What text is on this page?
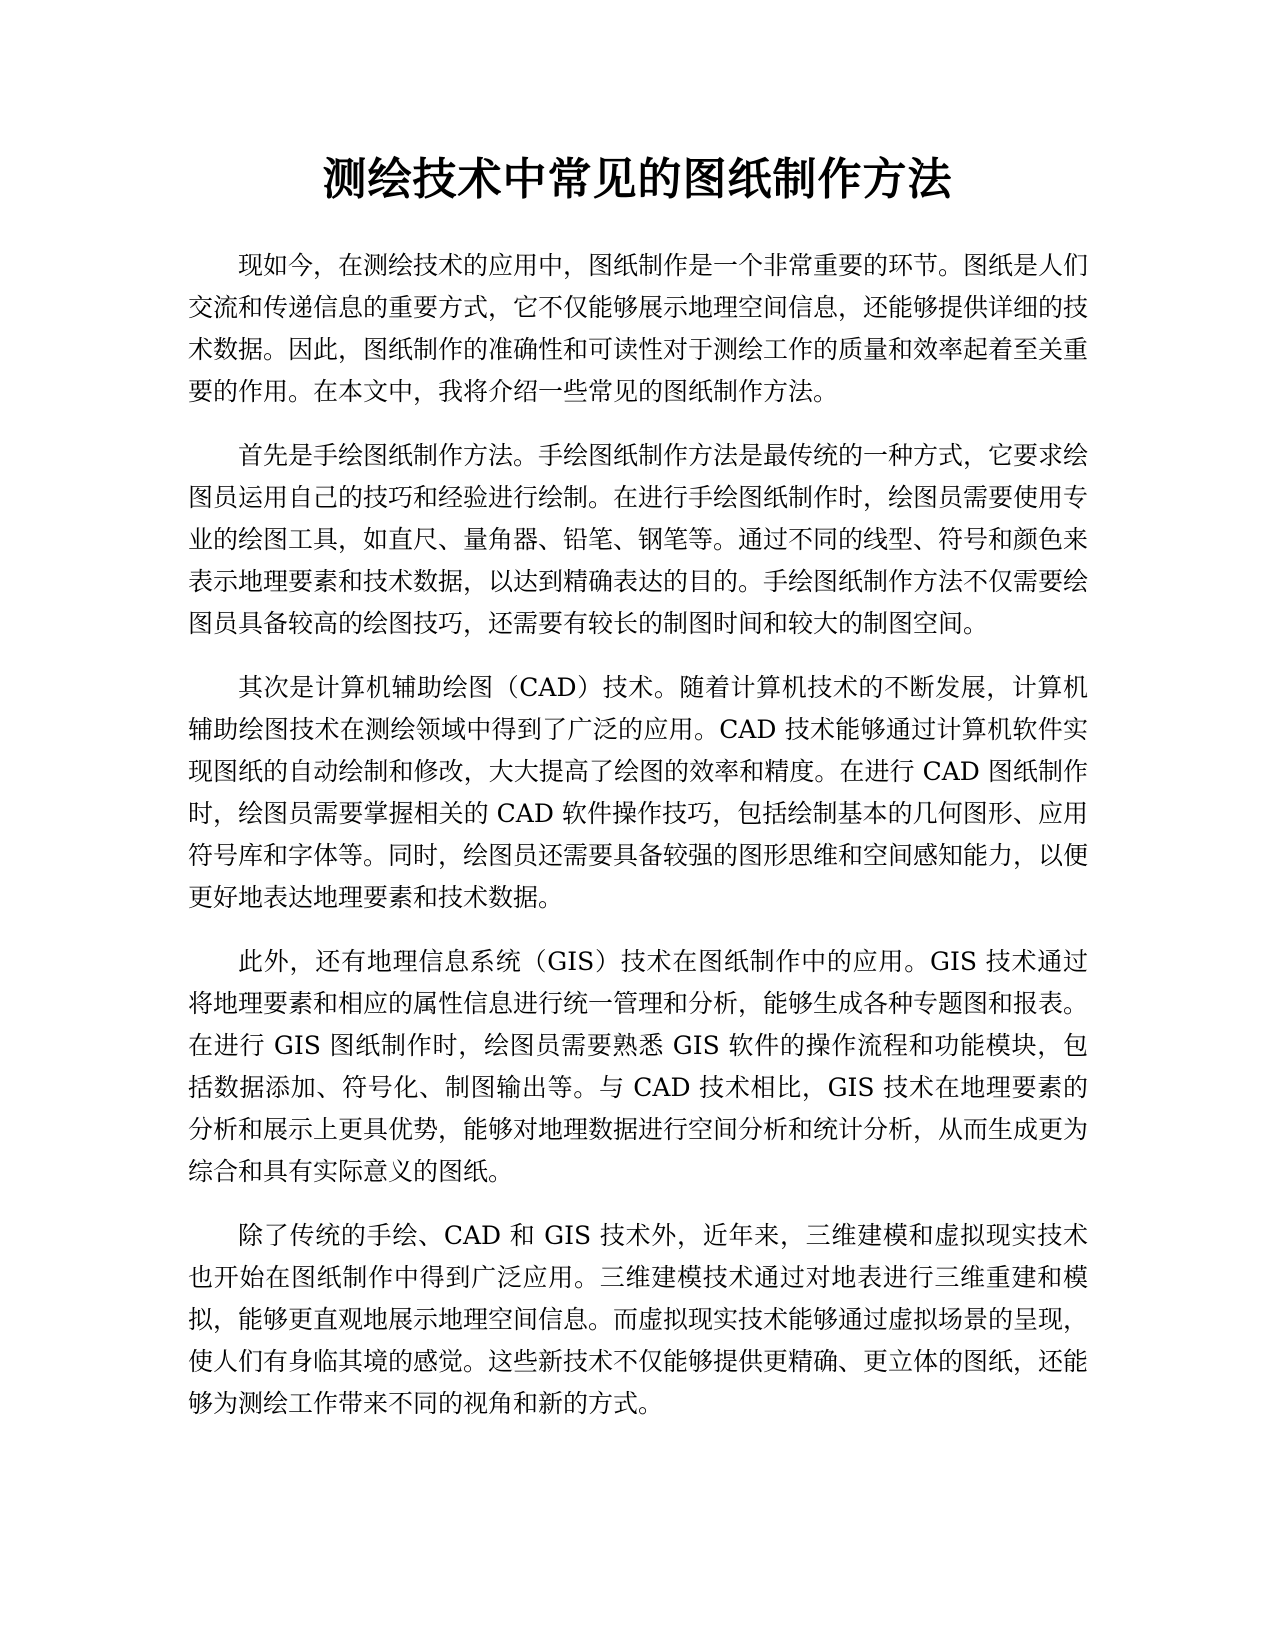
测绘技术中常见的图纸制作方法

现如今，在测绘技术的应用中，图纸制作是一个非常重要的环节。图纸是人们交流和传递信息的重要方式，它不仅能够展示地理空间信息，还能够提供详细的技术数据。因此，图纸制作的准确性和可读性对于测绘工作的质量和效率起着至关重要的作用。在本文中，我将介绍一些常见的图纸制作方法。

首先是手绘图纸制作方法。手绘图纸制作方法是最传统的一种方式，它要求绘图员运用自己的技巧和经验进行绘制。在进行手绘图纸制作时，绘图员需要使用专业的绘图工具，如直尺、量角器、铅笔、钢笔等。通过不同的线型、符号和颜色来表示地理要素和技术数据，以达到精确表达的目的。手绘图纸制作方法不仅需要绘图员具备较高的绘图技巧，还需要有较长的制图时间和较大的制图空间。

其次是计算机辅助绘图（CAD）技术。随着计算机技术的不断发展，计算机辅助绘图技术在测绘领域中得到了广泛的应用。CAD 技术能够通过计算机软件实现图纸的自动绘制和修改，大大提高了绘图的效率和精度。在进行 CAD 图纸制作时，绘图员需要掌握相关的 CAD 软件操作技巧，包括绘制基本的几何图形、应用符号库和字体等。同时，绘图员还需要具备较强的图形思维和空间感知能力，以便更好地表达地理要素和技术数据。

此外，还有地理信息系统（GIS）技术在图纸制作中的应用。GIS 技术通过将地理要素和相应的属性信息进行统一管理和分析，能够生成各种专题图和报表。在进行 GIS 图纸制作时，绘图员需要熟悉 GIS 软件的操作流程和功能模块，包括数据添加、符号化、制图输出等。与 CAD 技术相比，GIS 技术在地理要素的分析和展示上更具优势，能够对地理数据进行空间分析和统计分析，从而生成更为综合和具有实际意义的图纸。

除了传统的手绘、CAD 和 GIS 技术外，近年来，三维建模和虚拟现实技术也开始在图纸制作中得到广泛应用。三维建模技术通过对地表进行三维重建和模拟，能够更直观地展示地理空间信息。而虚拟现实技术能够通过虚拟场景的呈现，使人们有身临其境的感觉。这些新技术不仅能够提供更精确、更立体的图纸，还能够为测绘工作带来不同的视角和新的方式。
